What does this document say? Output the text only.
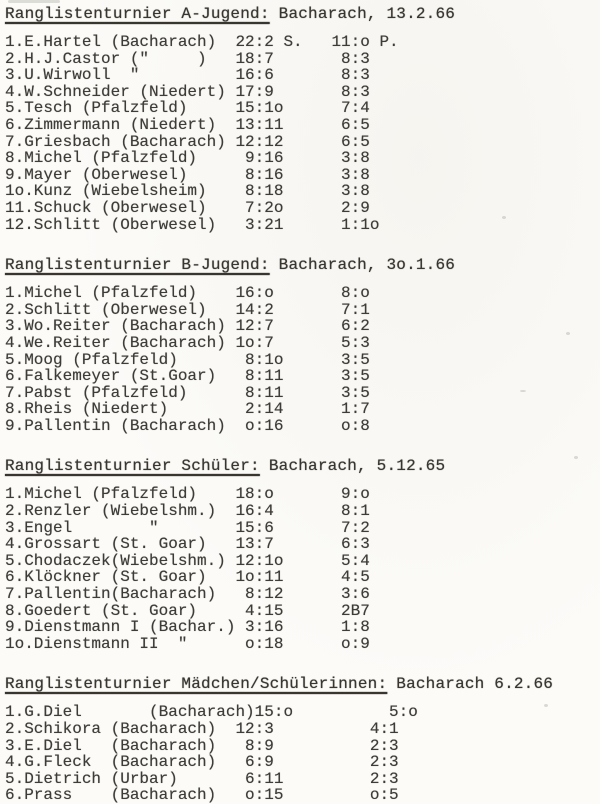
Ranglistenturnier A-Jugend: Bacharach, 13.2.66
1.E.Hartel (Bacharach)	22:2 S.	11:o P.
2.H.J.Castor ("     )	18:7	8:3
3.U.Wirwoll  "	16:6	8:3
4.W.Schneider (Niedert) 17:9	8:3
5.Tesch (Pfalzfeld)	15:1o	7:4
6.Zimmermann (Niedert)	13:11	6:5
7.Griesbach (Bacharach) 12:12	6:5
8.Michel (Pfalzfeld)	9:16	3:8
9.Mayer (Oberwesel)	8:16	3:8
1o.Kunz (Wiebelsheim)	8:18	3:8
11.Schuck (Oberwesel)	7:2o	2:9
12.Schlitt (Oberwesel)	3:21	1:1o
Ranglistenturnier B-Jugend: Bacharach, 3o.1.66
1.Michel (Pfalzfeld)	16:o	8:o
2.Schlitt (Oberwesel)	14:2	7:1
3.Wo.Reiter (Bacharach) 12:7	6:2
4.We.Reiter (Bacharach) 1o:7	5:3
5.Moog (Pfalzfeld)	8:1o	3:5
6.Falkemeyer (St.Goar)	8:11	3:5
7.Pabst (Pfalzfeld)	8:11	3:5
8.Rheis (Niedert)	2:14	1:7
9.Pallentin (Bacharach) o:16	o:8
Ranglistenturnier Schüler: Bacharach, 5.12.65
1.Michel (Pfalzfeld)	18:o	9:o
2.Renzler (Wiebelshm.)	16:4	8:1
3.Engel        "	15:6	7:2
4.Grossart (St. Goar)	13:7	6:3
5.Chodaczek(Wiebelshm.) 12:1o	5:4
6.Klöckner (St. Goar)	1o:11	4:5
7.Pallentin(Bacharach)	8:12	3:6
8.Goedert (St. Goar)	4:15	2B7
9.Dienstmann I (Bachar.) 3:16	1:8
1o.Dienstmann II  "	o:18	o:9
Ranglistenturnier Mädchen/Schülerinnen: Bacharach 6.2.66
1.G.Diel       (Bacharach) 15:o	5:o
2.Schikora (Bacharach)	12:3	4:1
3.E.Diel   (Bacharach)	8:9	2:3
4.G.Fleck  (Bacharach)	6:9	2:3
5.Dietrich (Urbar)	6:11	2:3
6.Prass    (Bacharach)	o:15	o:5
